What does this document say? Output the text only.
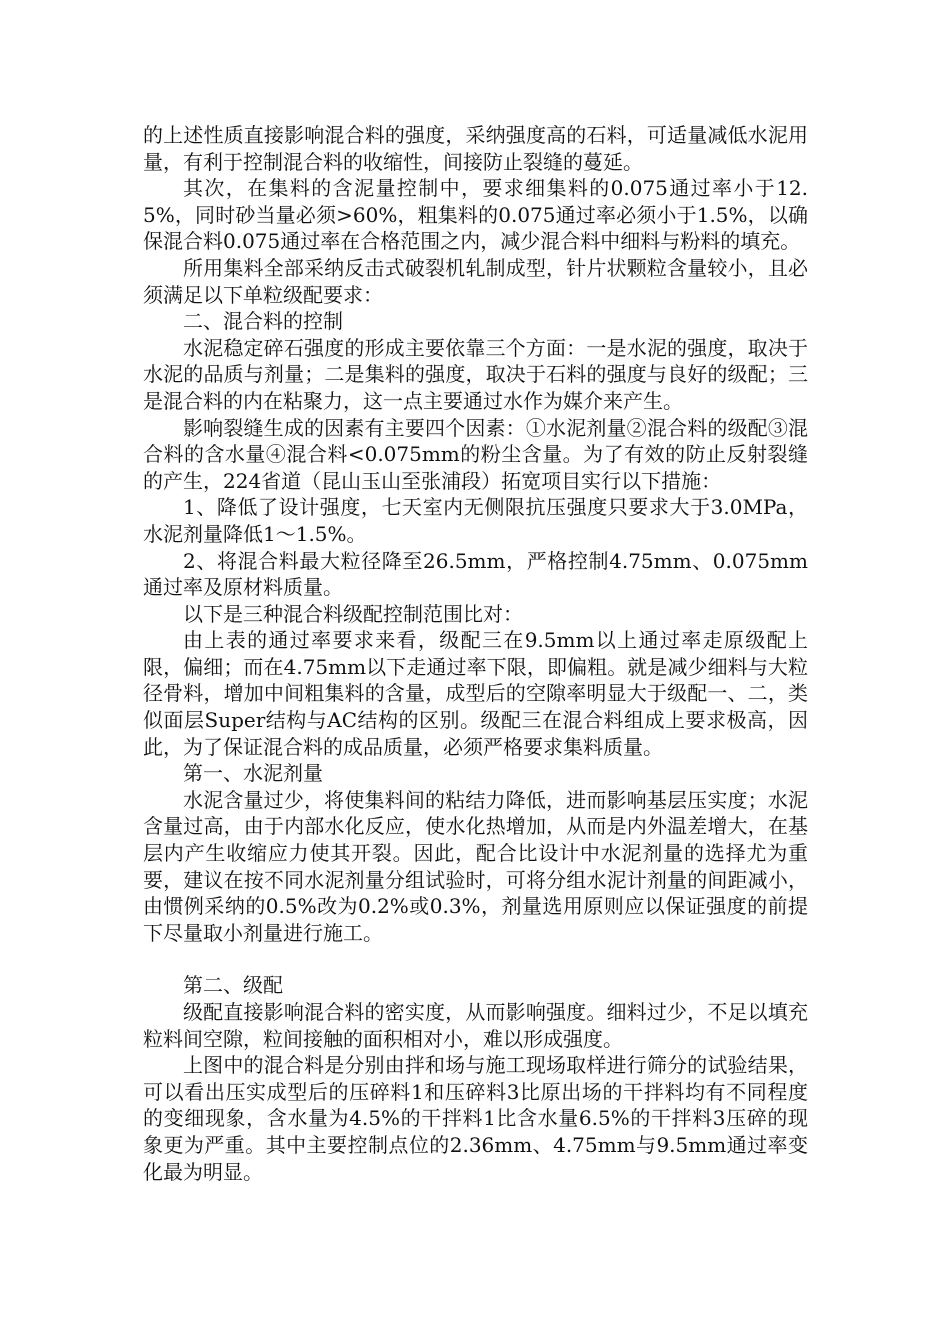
的上述性质直接影响混合料的强度，采纳强度高的石料，可适量减低水泥用量，有利于控制混合料的收缩性，间接防止裂缝的蔓延。

其次，在集料的含泥量控制中，要求细集料的0.075通过率小于12.5%，同时砂当量必须>60%，粗集料的0.075通过率必须小于1.5%，以确保混合料0.075通过率在合格范围之内，减少混合料中细料与粉料的填充。

所用集料全部采纳反击式破裂机轧制成型，针片状颗粒含量较小，且必须满足以下单粒级配要求：

二、混合料的控制

水泥稳定碎石强度的形成主要依靠三个方面：一是水泥的强度，取决于水泥的品质与剂量；二是集料的强度，取决于石料的强度与良好的级配；三是混合料的内在粘聚力，这一点主要通过水作为媒介来产生。

影响裂缝生成的因素有主要四个因素：①水泥剂量②混合料的级配③混合料的含水量④混合料<0.075mm的粉尘含量。为了有效的防止反射裂缝的产生，224省道（昆山玉山至张浦段）拓宽项目实行以下措施：

1、降低了设计强度，七天室内无侧限抗压强度只要求大于3.0MPa，水泥剂量降低1～1.5%。

2、将混合料最大粒径降至26.5mm，严格控制4.75mm、0.075mm通过率及原材料质量。

以下是三种混合料级配控制范围比对：

由上表的通过率要求来看，级配三在9.5mm以上通过率走原级配上限，偏细；而在4.75mm以下走通过率下限，即偏粗。就是减少细料与大粒径骨料，增加中间粗集料的含量，成型后的空隙率明显大于级配一、二，类似面层Super结构与AC结构的区别。级配三在混合料组成上要求极高，因此，为了保证混合料的成品质量，必须严格要求集料质量。

第一、水泥剂量

水泥含量过少，将使集料间的粘结力降低，进而影响基层压实度；水泥含量过高，由于内部水化反应，使水化热增加，从而是内外温差增大，在基层内产生收缩应力使其开裂。因此，配合比设计中水泥剂量的选择尤为重要，建议在按不同水泥剂量分组试验时，可将分组水泥计剂量的间距减小，由惯例采纳的0.5%改为0.2%或0.3%，剂量选用原则应以保证强度的前提下尽量取小剂量进行施工。

第二、级配

级配直接影响混合料的密实度，从而影响强度。细料过少，不足以填充粒料间空隙，粒间接触的面积相对小，难以形成强度。

上图中的混合料是分别由拌和场与施工现场取样进行筛分的试验结果，可以看出压实成型后的压碎料1和压碎料3比原出场的干拌料均有不同程度的变细现象，含水量为4.5%的干拌料1比含水量6.5%的干拌料3压碎的现象更为严重。其中主要控制点位的2.36mm、4.75mm与9.5mm通过率变化最为明显。
